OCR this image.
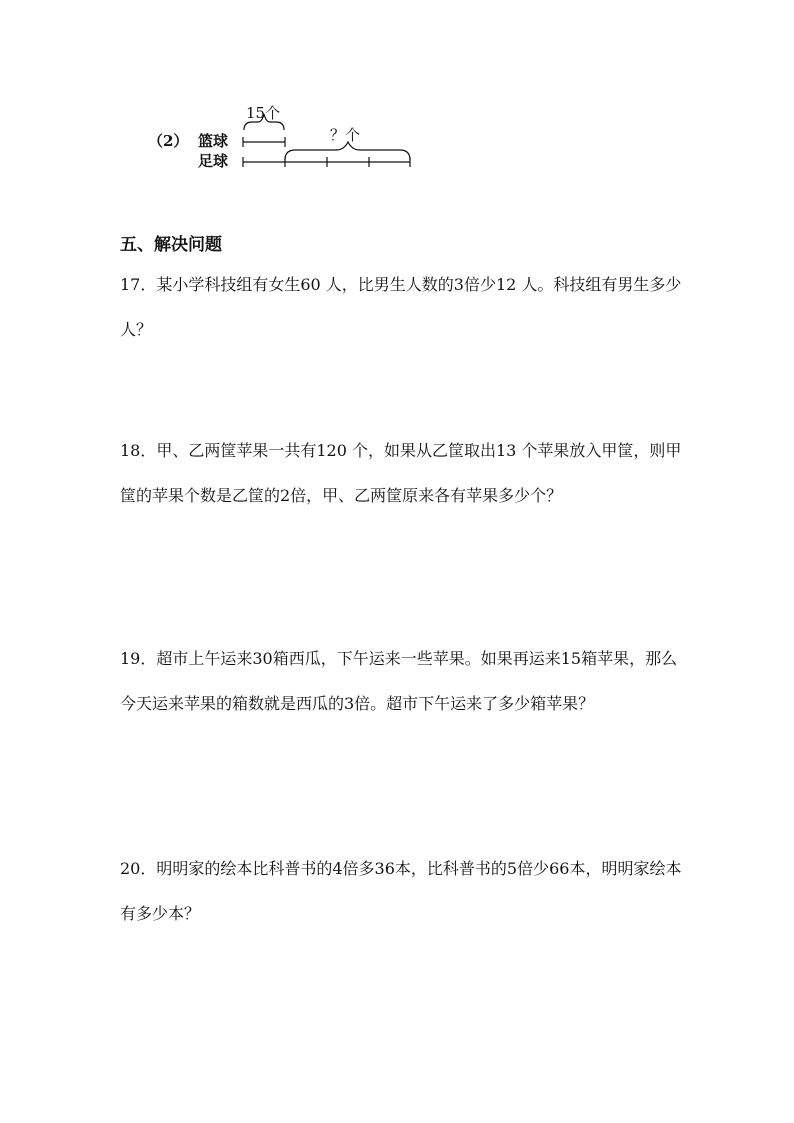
（2） 篮球
足球
15个
？个
五、解决问题
17．某小学科技组有女生60 人，比男生人数的3倍少12 人。科技组有男生多少人？
18．甲、乙两筐苹果一共有120 个，如果从乙筐取出13 个苹果放入甲筐，则甲筐的苹果个数是乙筐的2倍，甲、乙两筐原来各有苹果多少个？
19．超市上午运来30箱西瓜，下午运来一些苹果。如果再运来15箱苹果，那么今天运来苹果的箱数就是西瓜的3倍。超市下午运来了多少箱苹果？
20．明明家的绘本比科普书的4倍多36本，比科普书的5倍少66本，明明家绘本有多少本？
